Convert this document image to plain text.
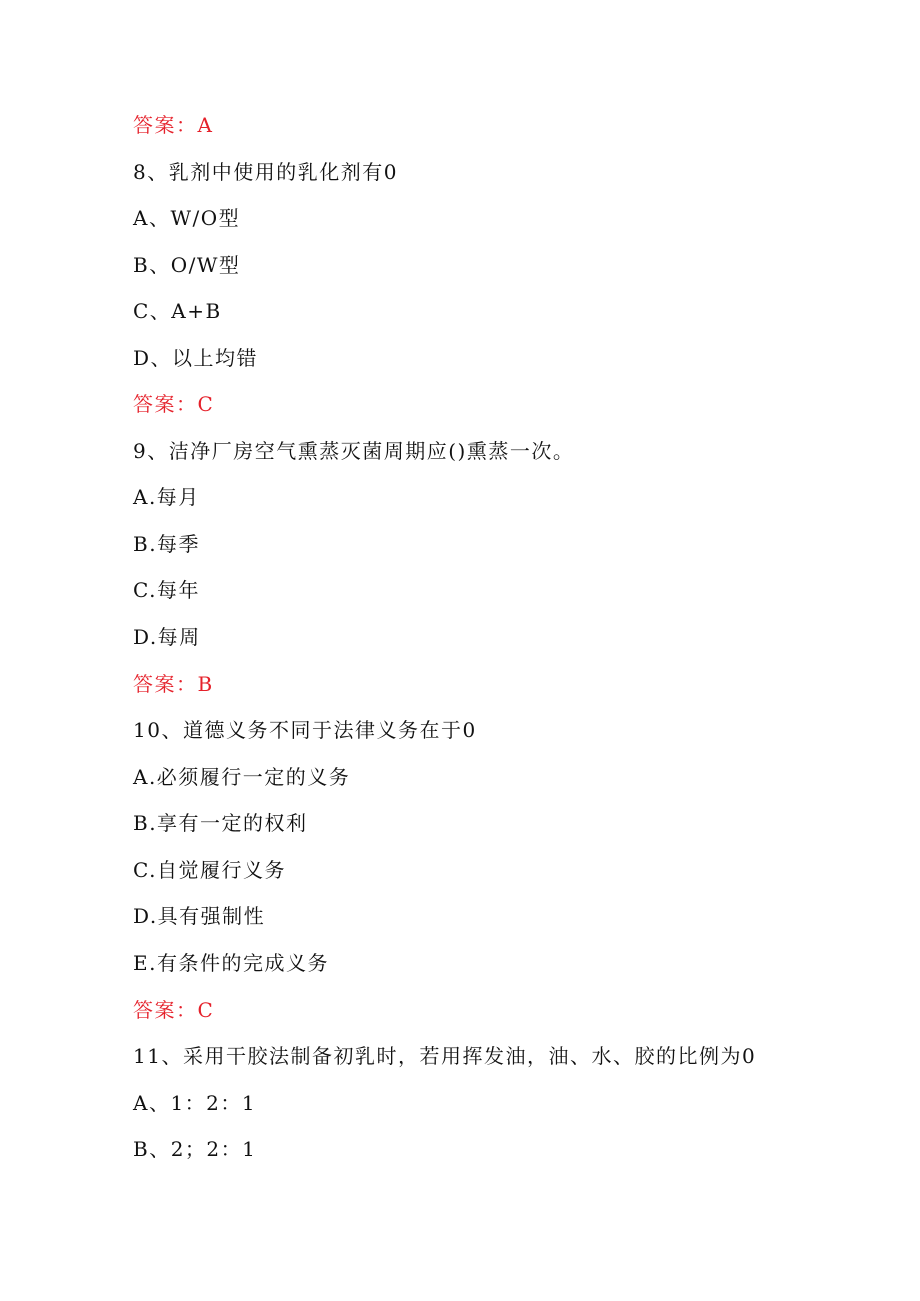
答案：A
8、乳剂中使用的乳化剂有0
A、W/O型
B、O/W型
C、A+B
D、以上均错
答案：C
9、洁净厂房空气熏蒸灭菌周期应()熏蒸一次。
A.每月
B.每季
C.每年
D.每周
答案：B
10、道德义务不同于法律义务在于0
A.必须履行一定的义务
B.享有一定的权利
C.自觉履行义务
D.具有强制性
E.有条件的完成义务
答案：C
11、采用干胶法制备初乳时，若用挥发油，油、水、胶的比例为0
A、1：2：1
B、2；2：1
